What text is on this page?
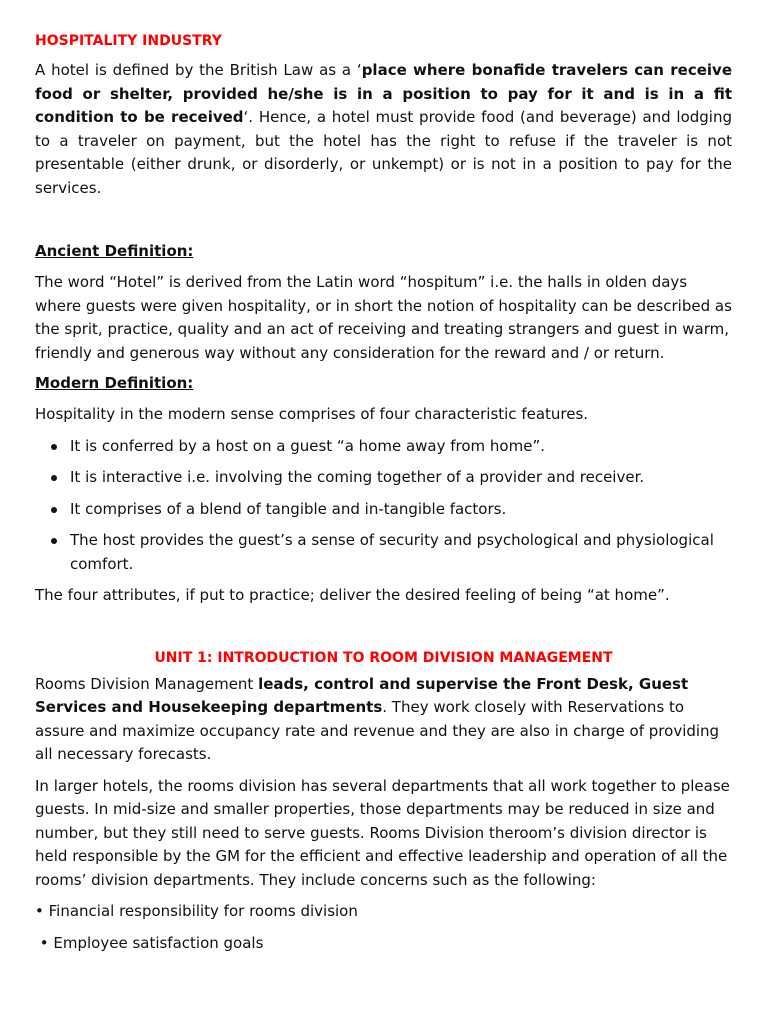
HOSPITALITY INDUSTRY

A hotel is defined by the British Law as a ‘place where bonafide travelers can receive food or shelter, provided he/she is in a position to pay for it and is in a fit condition to be received‘. Hence, a hotel must provide food (and beverage) and lodging to a traveler on payment, but the hotel has the right to refuse if the traveler is not presentable (either drunk, or disorderly, or unkempt) or is not in a position to pay for the services.

Ancient Definition:

The word “Hotel” is derived from the Latin word “hospitum” i.e. the halls in olden days where guests were given hospitality, or in short the notion of hospitality can be described as the sprit, practice, quality and an act of receiving and treating strangers and guest in warm, friendly and generous way without any consideration for the reward and / or return.

Modern Definition:

Hospitality in the modern sense comprises of four characteristic features.

It is conferred by a host on a guest “a home away from home”.
It is interactive i.e. involving the coming together of a provider and receiver.
It comprises of a blend of tangible and in-tangible factors.
The host provides the guest’s a sense of security and psychological and physiological comfort.

The four attributes, if put to practice; deliver the desired feeling of being “at home”.

UNIT 1: INTRODUCTION TO ROOM DIVISION MANAGEMENT

Rooms Division Management leads, control and supervise the Front Desk, Guest Services and Housekeeping departments. They work closely with Reservations to assure and maximize occupancy rate and revenue and they are also in charge of providing all necessary forecasts.

In larger hotels, the rooms division has several departments that all work together to please guests. In mid-size and smaller properties, those departments may be reduced in size and number, but they still need to serve guests. Rooms Division theroom’s division director is held responsible by the GM for the efficient and effective leadership and operation of all the rooms’ division departments. They include concerns such as the following:

• Financial responsibility for rooms division

• Employee satisfaction goals
